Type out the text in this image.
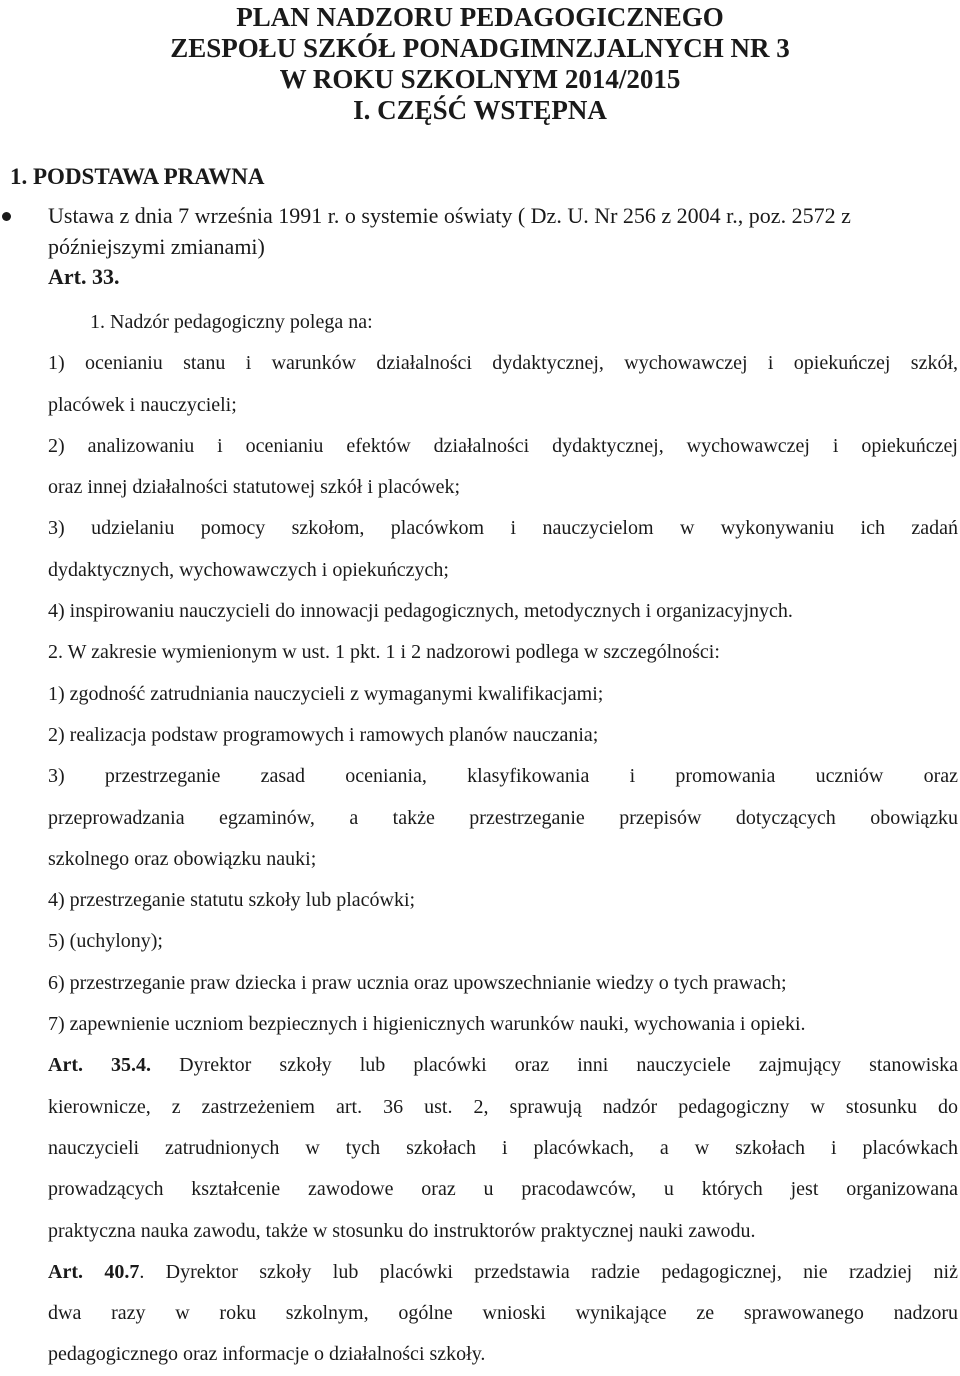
PLAN NADZORU PEDAGOGICZNEGO
ZESPOŁU SZKÓŁ PONADGIMNZJALNYCH NR 3
W ROKU SZKOLNYM 2014/2015
I. CZĘŚĆ WSTĘPNA
1. PODSTAWA PRAWNA
Ustawa z dnia 7 września 1991 r. o systemie oświaty ( Dz. U. Nr 256 z 2004 r., poz. 2572 z
późniejszymi zmianami)
Art. 33.
1. Nadzór pedagogiczny polega na:
1) ocenianiu stanu i warunków działalności dydaktycznej, wychowawczej i opiekuńczej szkół,
placówek i nauczycieli;
2) analizowaniu i ocenianiu efektów działalności dydaktycznej, wychowawczej i opiekuńczej
oraz innej działalności statutowej szkół i placówek;
3) udzielaniu pomocy szkołom, placówkom i nauczycielom w wykonywaniu ich zadań
dydaktycznych, wychowawczych i opiekuńczych;
4) inspirowaniu nauczycieli do innowacji pedagogicznych, metodycznych i organizacyjnych.
2. W zakresie wymienionym w ust. 1 pkt. 1 i 2 nadzorowi podlega w szczególności:
1) zgodność zatrudniania nauczycieli z wymaganymi kwalifikacjami;
2) realizacja podstaw programowych i ramowych planów nauczania;
3) przestrzeganie zasad oceniania, klasyfikowania i promowania uczniów oraz
przeprowadzania egzaminów, a także przestrzeganie przepisów dotyczących obowiązku
szkolnego oraz obowiązku nauki;
4) przestrzeganie statutu szkoły lub placówki;
5) (uchylony);
6) przestrzeganie praw dziecka i praw ucznia oraz upowszechnianie wiedzy o tych prawach;
7) zapewnienie uczniom bezpiecznych i higienicznych warunków nauki, wychowania i opieki.
Art. 35.4. Dyrektor szkoły lub placówki oraz inni nauczyciele zajmujący stanowiska
kierownicze, z zastrzeżeniem art. 36 ust. 2, sprawują nadzór pedagogiczny w stosunku do
nauczycieli zatrudnionych w tych szkołach i placówkach, a w szkołach i placówkach
prowadzących kształcenie zawodowe oraz u pracodawców, u których jest organizowana
praktyczna nauka zawodu, także w stosunku do instruktorów praktycznej nauki zawodu.
Art. 40.7. Dyrektor szkoły lub placówki przedstawia radzie pedagogicznej, nie rzadziej niż
dwa razy w roku szkolnym, ogólne wnioski wynikające ze sprawowanego nadzoru
pedagogicznego oraz informacje o działalności szkoły.
